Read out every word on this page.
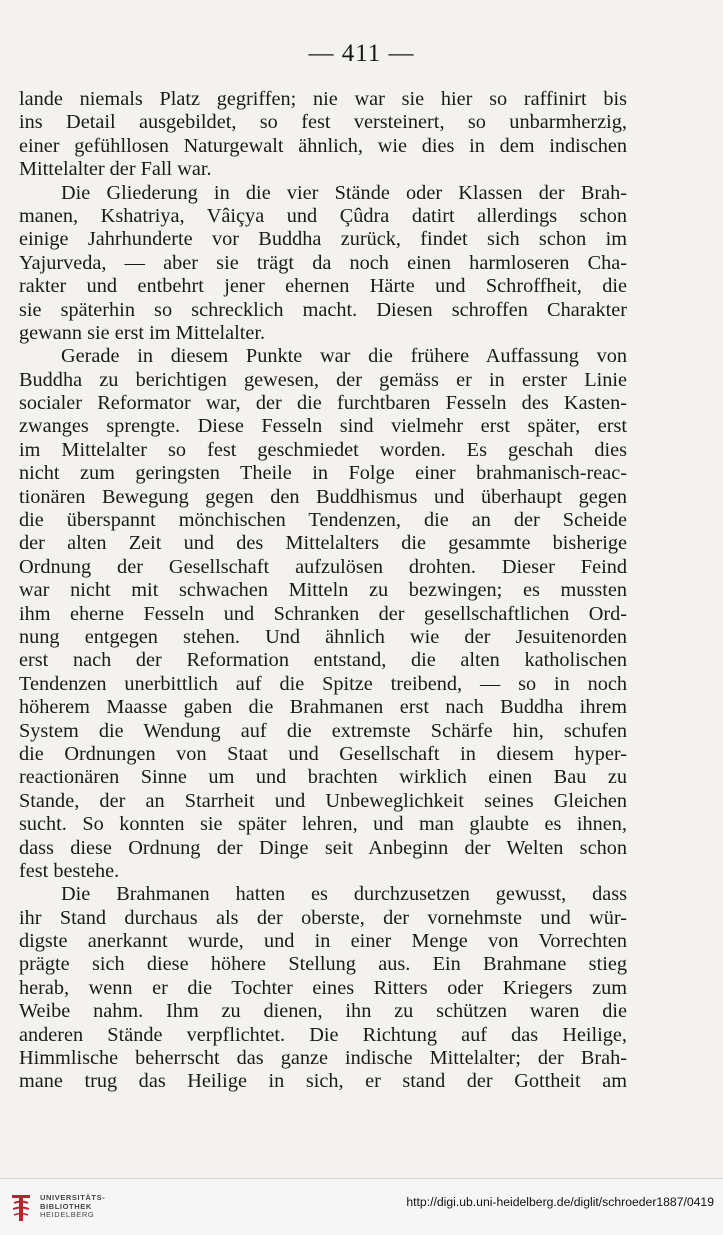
— 411 —
lande niemals Platz gegriffen; nie war sie hier so raffinirt bis
ins Detail ausgebildet, so fest versteinert, so unbarmherzig,
einer gefühllosen Naturgewalt ähnlich, wie dies in dem indischen
Mittelalter der Fall war.
Die Gliederung in die vier Stände oder Klassen der Brah-
manen, Kshatriya, Vâiçya und Çûdra datirt allerdings schon
einige Jahrhunderte vor Buddha zurück, findet sich schon im
Yajurveda, — aber sie trägt da noch einen harmloseren Cha-
rakter und entbehrt jener ehernen Härte und Schroffheit, die
sie späterhin so schrecklich macht. Diesen schroffen Charakter
gewann sie erst im Mittelalter.
Gerade in diesem Punkte war die frühere Auffassung von
Buddha zu berichtigen gewesen, der gemäss er in erster Linie
socialer Reformator war, der die furchtbaren Fesseln des Kasten-
zwanges sprengte. Diese Fesseln sind vielmehr erst später, erst
im Mittelalter so fest geschmiedet worden. Es geschah dies
nicht zum geringsten Theile in Folge einer brahmanisch-reac-
tionären Bewegung gegen den Buddhismus und überhaupt gegen
die überspannt mönchischen Tendenzen, die an der Scheide
der alten Zeit und des Mittelalters die gesammte bisherige
Ordnung der Gesellschaft aufzulösen drohten. Dieser Feind
war nicht mit schwachen Mitteln zu bezwingen; es mussten
ihm eherne Fesseln und Schranken der gesellschaftlichen Ord-
nung entgegen stehen. Und ähnlich wie der Jesuitenorden
erst nach der Reformation entstand, die alten katholischen
Tendenzen unerbittlich auf die Spitze treibend, — so in noch
höherem Maasse gaben die Brahmanen erst nach Buddha ihrem
System die Wendung auf die extremste Schärfe hin, schufen
die Ordnungen von Staat und Gesellschaft in diesem hyper-
reactionären Sinne um und brachten wirklich einen Bau zu
Stande, der an Starrheit und Unbeweglichkeit seines Gleichen
sucht. So konnten sie später lehren, und man glaubte es ihnen,
dass diese Ordnung der Dinge seit Anbeginn der Welten schon
fest bestehe.
Die Brahmanen hatten es durchzusetzen gewusst, dass
ihr Stand durchaus als der oberste, der vornehmste und wür-
digste anerkannt wurde, und in einer Menge von Vorrechten
prägte sich diese höhere Stellung aus. Ein Brahmane stieg
herab, wenn er die Tochter eines Ritters oder Kriegers zum
Weibe nahm. Ihm zu dienen, ihn zu schützen waren die
anderen Stände verpflichtet. Die Richtung auf das Heilige,
Himmlische beherrscht das ganze indische Mittelalter; der Brah-
mane trug das Heilige in sich, er stand der Gottheit am
UNIVERSITÄTS-
BIBLIOTHEK
HEIDELBERG
http://digi.ub.uni-heidelberg.de/diglit/schroeder1887/0419
